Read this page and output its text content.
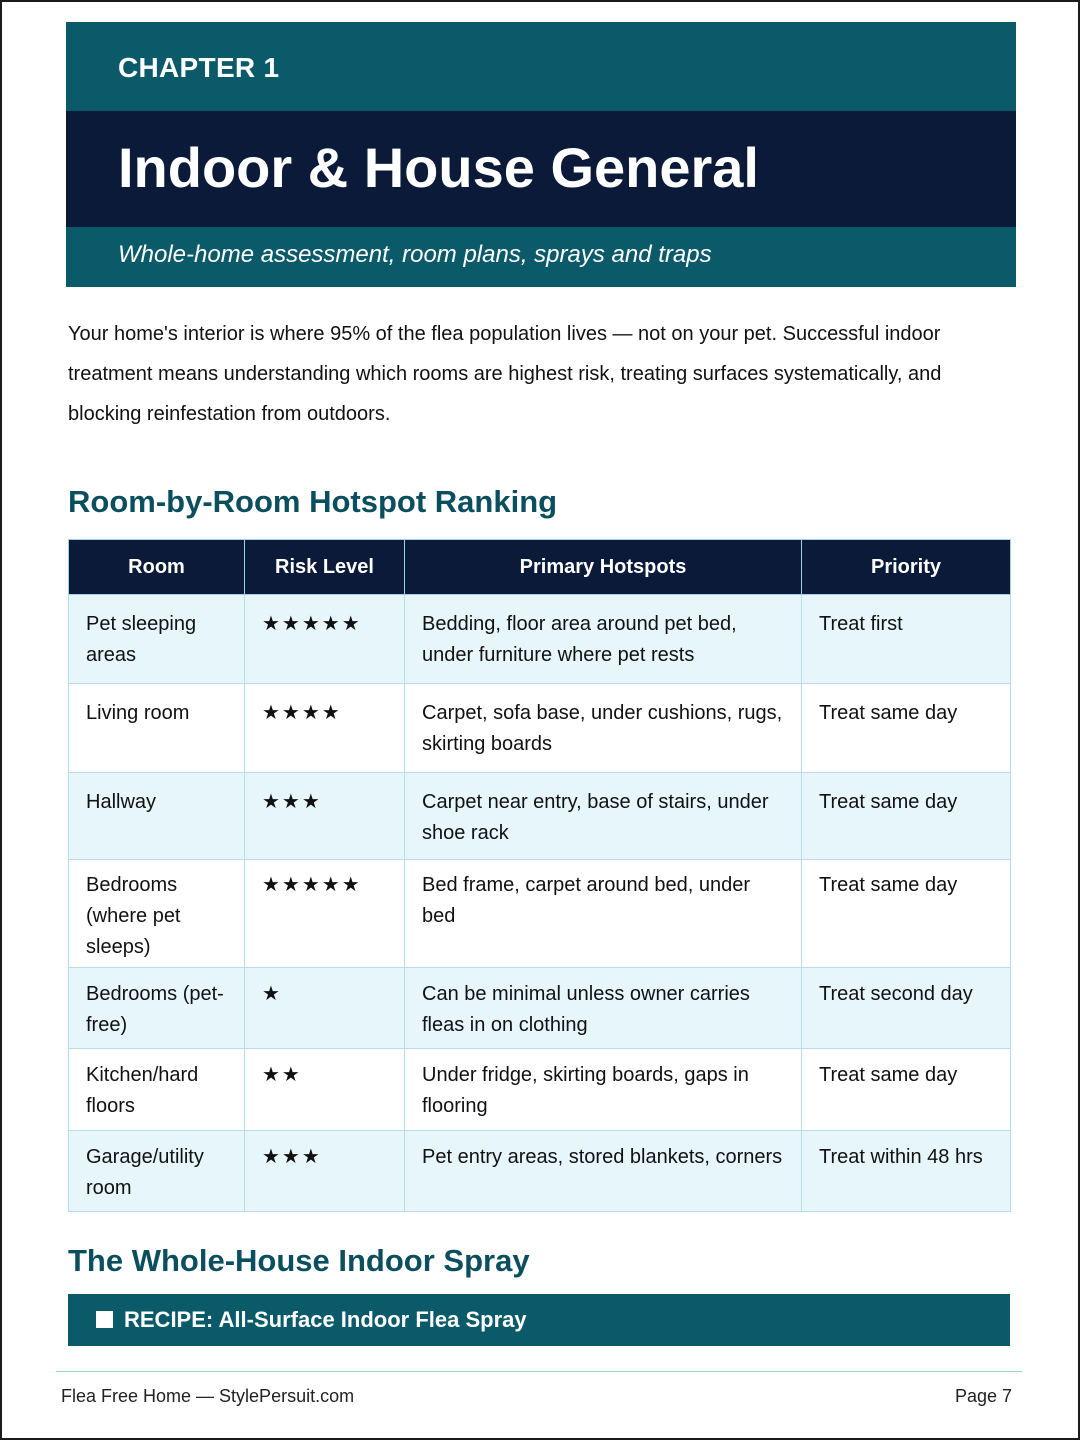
CHAPTER 1
Indoor & House General
Whole-home assessment, room plans, sprays and traps

Your home's interior is where 95% of the flea population lives — not on your pet. Successful indoor treatment means understanding which rooms are highest risk, treating surfaces systematically, and blocking reinfestation from outdoors.

Room-by-Room Hotspot Ranking
Room	Risk Level	Primary Hotspots	Priority
Pet sleeping areas	★★★★★	Bedding, floor area around pet bed, under furniture where pet rests	Treat first
Living room	★★★★	Carpet, sofa base, under cushions, rugs, skirting boards	Treat same day
Hallway	★★★	Carpet near entry, base of stairs, under shoe rack	Treat same day
Bedrooms (where pet sleeps)	★★★★★	Bed frame, carpet around bed, under bed	Treat same day
Bedrooms (pet-free)	★	Can be minimal unless owner carries fleas in on clothing	Treat second day
Kitchen/hard floors	★★	Under fridge, skirting boards, gaps in flooring	Treat same day
Garage/utility room	★★★	Pet entry areas, stored blankets, corners	Treat within 48 hrs
The Whole-House Indoor Spray
RECIPE: All-Surface Indoor Flea Spray
Flea Free Home — StylePersuit.com	Page 7
